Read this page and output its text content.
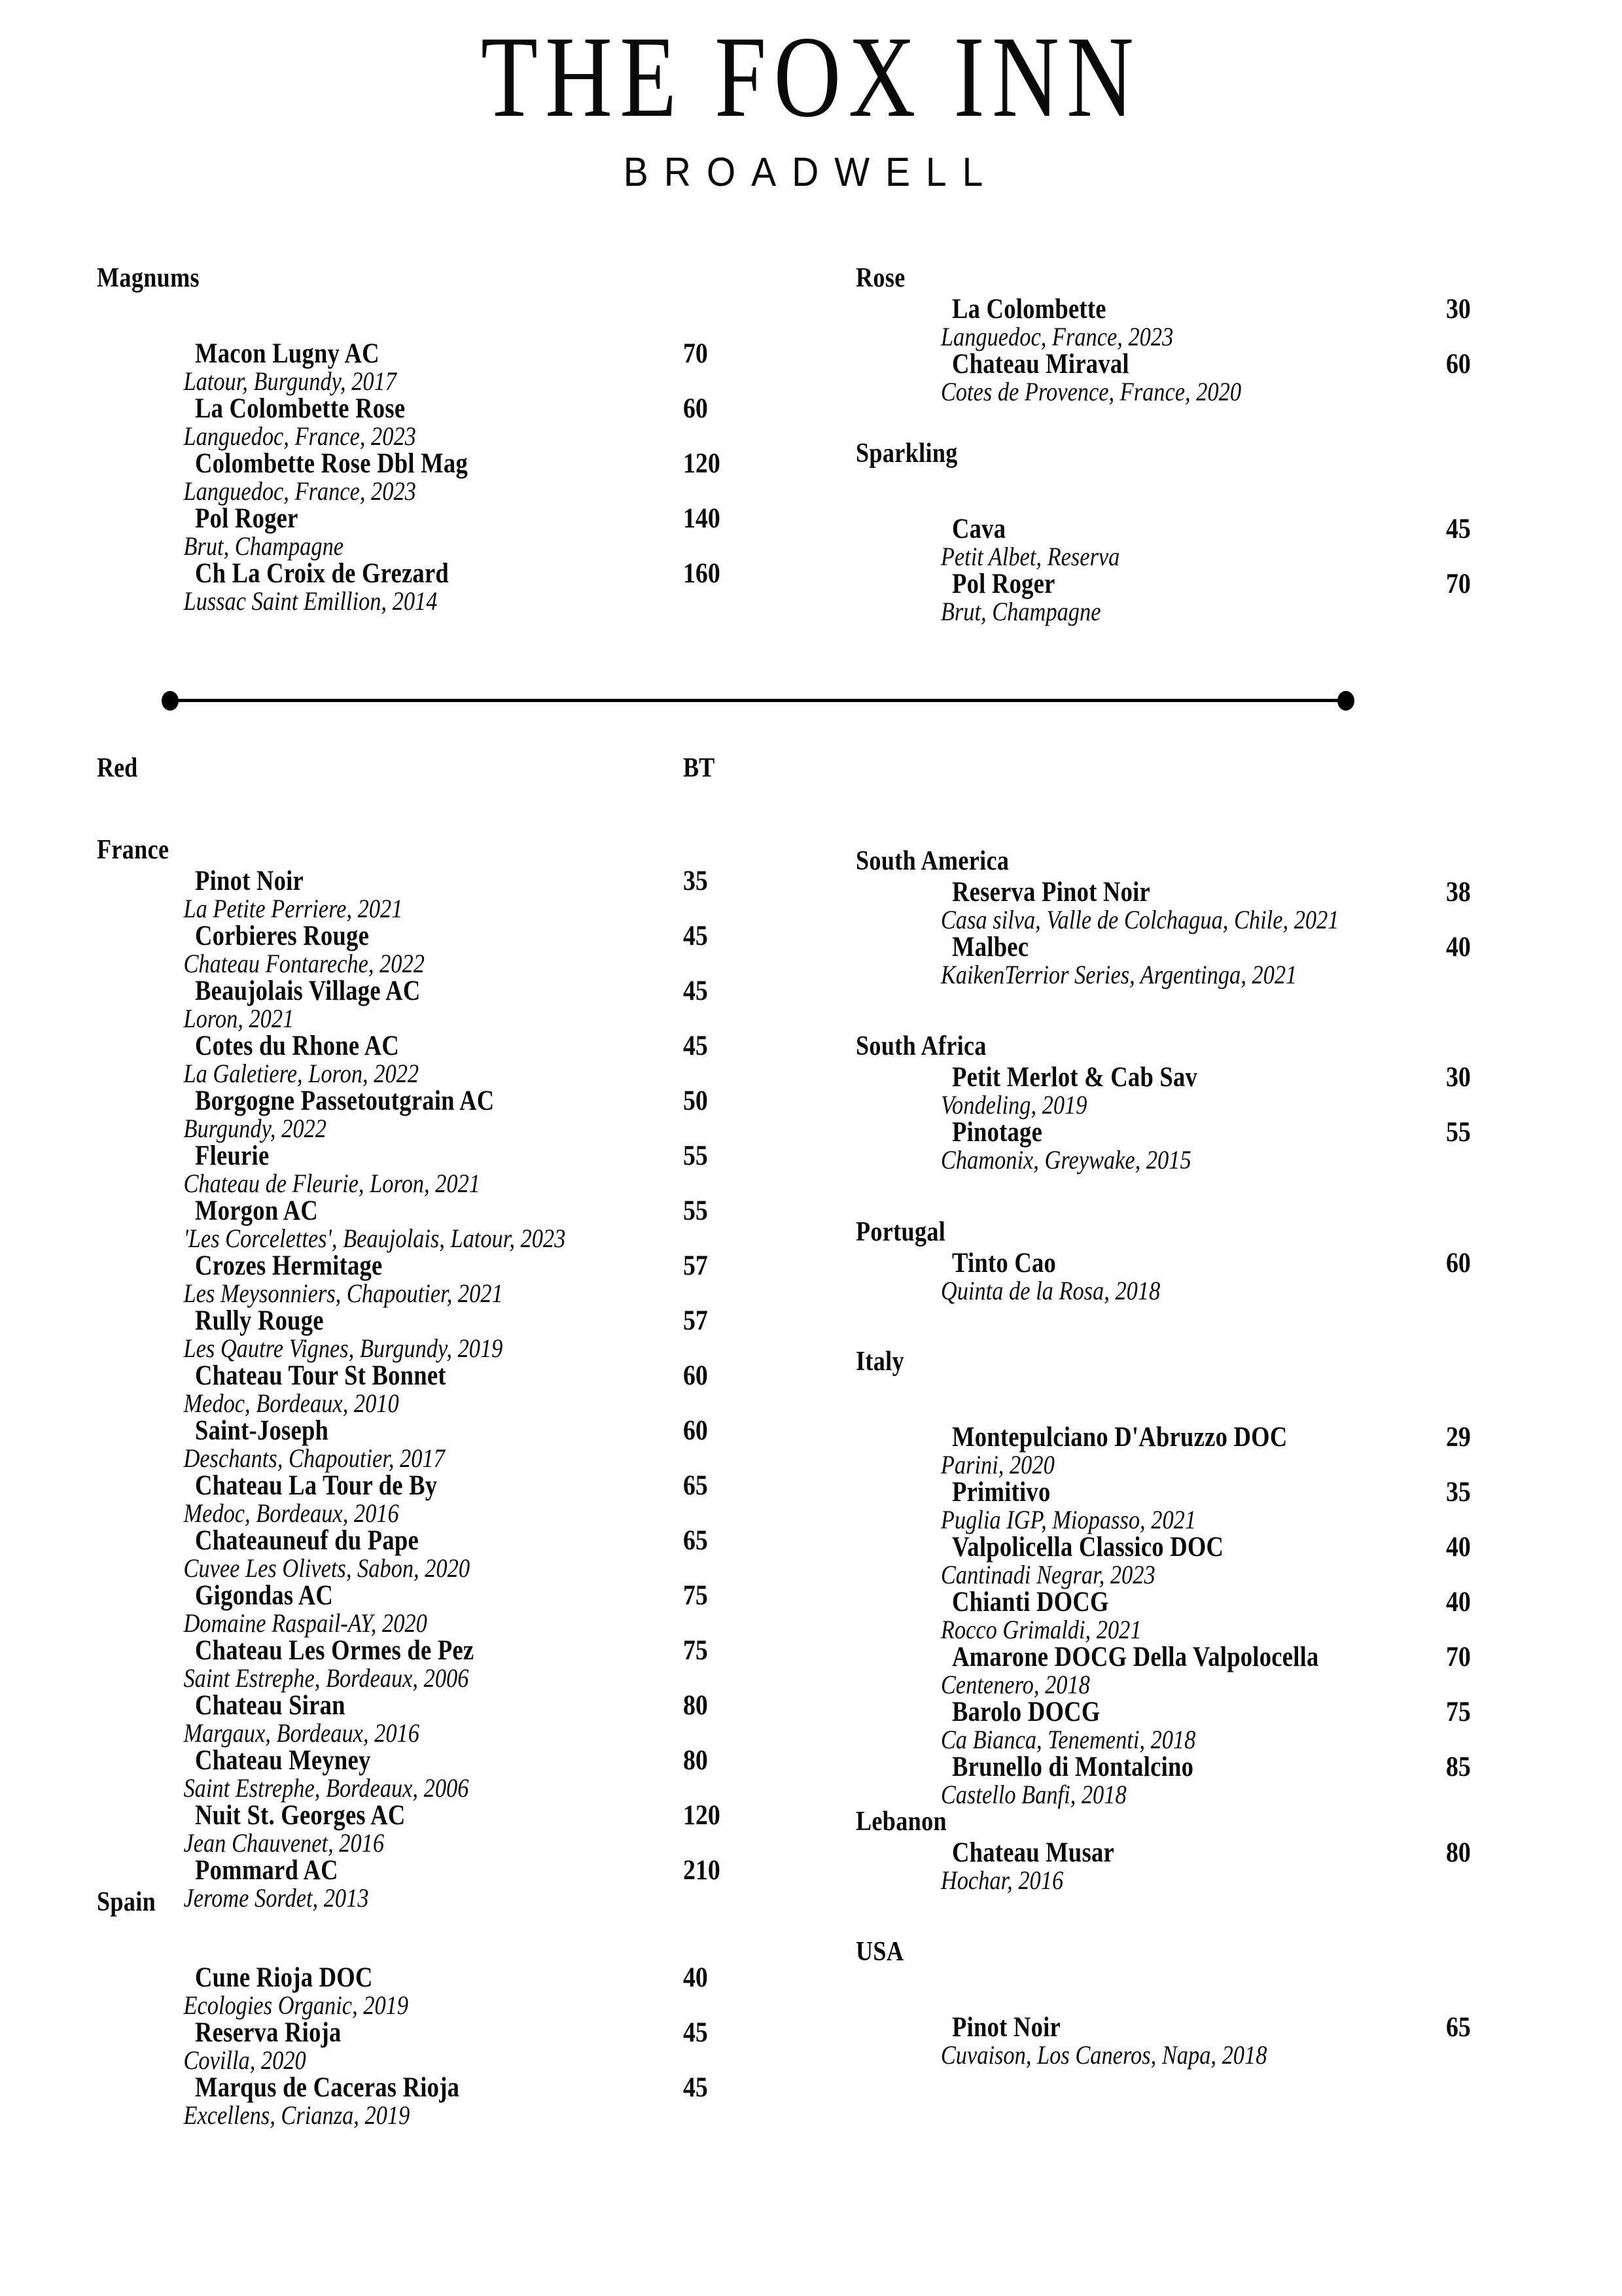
THE FOX INN
BROADWELL
Magnums
Macon Lugny AC	70
Latour, Burgundy, 2017
La Colombette Rose	60
Languedoc, France, 2023
Colombette Rose Dbl Mag	120
Languedoc, France, 2023
Pol Roger	140
Brut, Champagne
Ch La Croix de Grezard	160
Lussac Saint Emillion, 2014
Rose
La Colombette	30
Languedoc, France, 2023
Chateau Miraval	60
Cotes de Provence, France, 2020
Sparkling
Cava	45
Petit Albet, Reserva
Pol Roger	70
Brut, Champagne
Red	BT
France
Pinot Noir	35
La Petite Perriere, 2021
Corbieres Rouge	45
Chateau Fontareche, 2022
Beaujolais Village AC	45
Loron, 2021
Cotes du Rhone AC	45
La Galetiere, Loron, 2022
Borgogne Passetoutgrain AC	50
Burgundy, 2022
Fleurie	55
Chateau de Fleurie, Loron, 2021
Morgon AC	55
'Les Corcelettes', Beaujolais, Latour, 2023
Crozes Hermitage	57
Les Meysonniers, Chapoutier, 2021
Rully Rouge	57
Les Qautre Vignes, Burgundy, 2019
Chateau Tour St Bonnet	60
Medoc, Bordeaux, 2010
Saint-Joseph	60
Deschants, Chapoutier, 2017
Chateau La Tour de By	65
Medoc, Bordeaux, 2016
Chateauneuf du Pape	65
Cuvee Les Olivets, Sabon, 2020
Gigondas AC	75
Domaine Raspail-AY, 2020
Chateau Les Ormes de Pez	75
Saint Estrephe, Bordeaux, 2006
Chateau Siran	80
Margaux, Bordeaux, 2016
Chateau Meyney	80
Saint Estrephe, Bordeaux, 2006
Nuit St. Georges AC	120
Jean Chauvenet, 2016
Pommard AC	210
Jerome Sordet, 2013
Spain
Cune Rioja DOC	40
Ecologies Organic, 2019
Reserva Rioja	45
Covilla, 2020
Marqus de Caceras Rioja	45
Excellens, Crianza, 2019
South America
Reserva Pinot Noir	38
Casa silva, Valle de Colchagua, Chile, 2021
Malbec	40
KaikenTerrior Series, Argentinga, 2021
South Africa
Petit Merlot & Cab Sav	30
Vondeling, 2019
Pinotage	55
Chamonix, Greywake, 2015
Portugal
Tinto Cao	60
Quinta de la Rosa, 2018
Italy
Montepulciano D'Abruzzo DOC	29
Parini, 2020
Primitivo	35
Puglia IGP, Miopasso, 2021
Valpolicella Classico DOC	40
Cantinadi Negrar, 2023
Chianti DOCG	40
Rocco Grimaldi, 2021
Amarone DOCG Della Valpolocella	70
Centenero, 2018
Barolo DOCG	75
Ca Bianca, Tenementi, 2018
Brunello di Montalcino	85
Castello Banfi, 2018
Lebanon
Chateau Musar	80
Hochar, 2016
USA
Pinot Noir	65
Cuvaison, Los Caneros, Napa, 2018
